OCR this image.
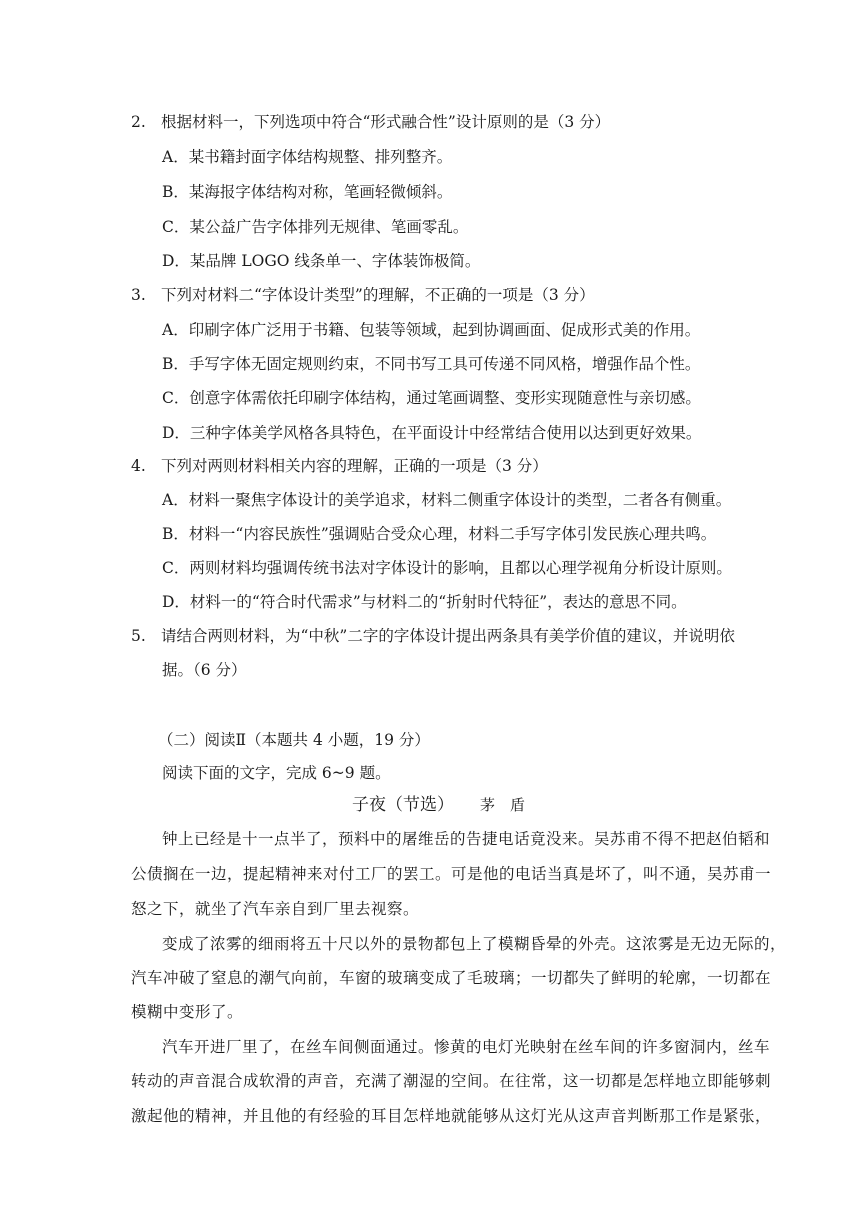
2. 根据材料一，下列选项中符合“形式融合性”设计原则的是（3 分）
A．某书籍封面字体结构规整、排列整齐。
B．某海报字体结构对称，笔画轻微倾斜。
C．某公益广告字体排列无规律、笔画零乱。
D．某品牌 LOGO 线条单一、字体装饰极简。
3. 下列对材料二“字体设计类型”的理解，不正确的一项是（3 分）
A．印刷字体广泛用于书籍、包装等领域，起到协调画面、促成形式美的作用。
B．手写字体无固定规则约束，不同书写工具可传递不同风格，增强作品个性。
C．创意字体需依托印刷字体结构，通过笔画调整、变形实现随意性与亲切感。
D．三种字体美学风格各具特色，在平面设计中经常结合使用以达到更好效果。
4. 下列对两则材料相关内容的理解，正确的一项是（3 分）
A．材料一聚焦字体设计的美学追求，材料二侧重字体设计的类型，二者各有侧重。
B．材料一“内容民族性”强调贴合受众心理，材料二手写字体引发民族心理共鸣。
C．两则材料均强调传统书法对字体设计的影响，且都以心理学视角分析设计原则。
D．材料一的“符合时代需求”与材料二的“折射时代特征”，表达的意思不同。
5. 请结合两则材料，为“中秋”二字的字体设计提出两条具有美学价值的建议，并说明依
据。（6 分）
（二）阅读Ⅱ（本题共 4 小题，19 分）
阅读下面的文字，完成 6~9 题。
子夜（节选） 茅　盾
钟上已经是十一点半了，预料中的屠维岳的告捷电话竟没来。吴苏甫不得不把赵伯韬和
公债搁在一边，提起精神来对付工厂的罢工。可是他的电话当真是坏了，叫不通，吴苏甫一
怒之下，就坐了汽车亲自到厂里去视察。
变成了浓雾的细雨将五十尺以外的景物都包上了模糊昏晕的外壳。这浓雾是无边无际的，
汽车冲破了窒息的潮气向前，车窗的玻璃变成了毛玻璃；一切都失了鲜明的轮廓，一切都在
模糊中变形了。
汽车开进厂里了，在丝车间侧面通过。惨黄的电灯光映射在丝车间的许多窗洞内，丝车
转动的声音混合成软滑的声音，充满了潮湿的空间。在往常，这一切都是怎样地立即能够刺
激起他的精神，并且他的有经验的耳目怎样地就能够从这灯光从这声音判断那工作是紧张，
